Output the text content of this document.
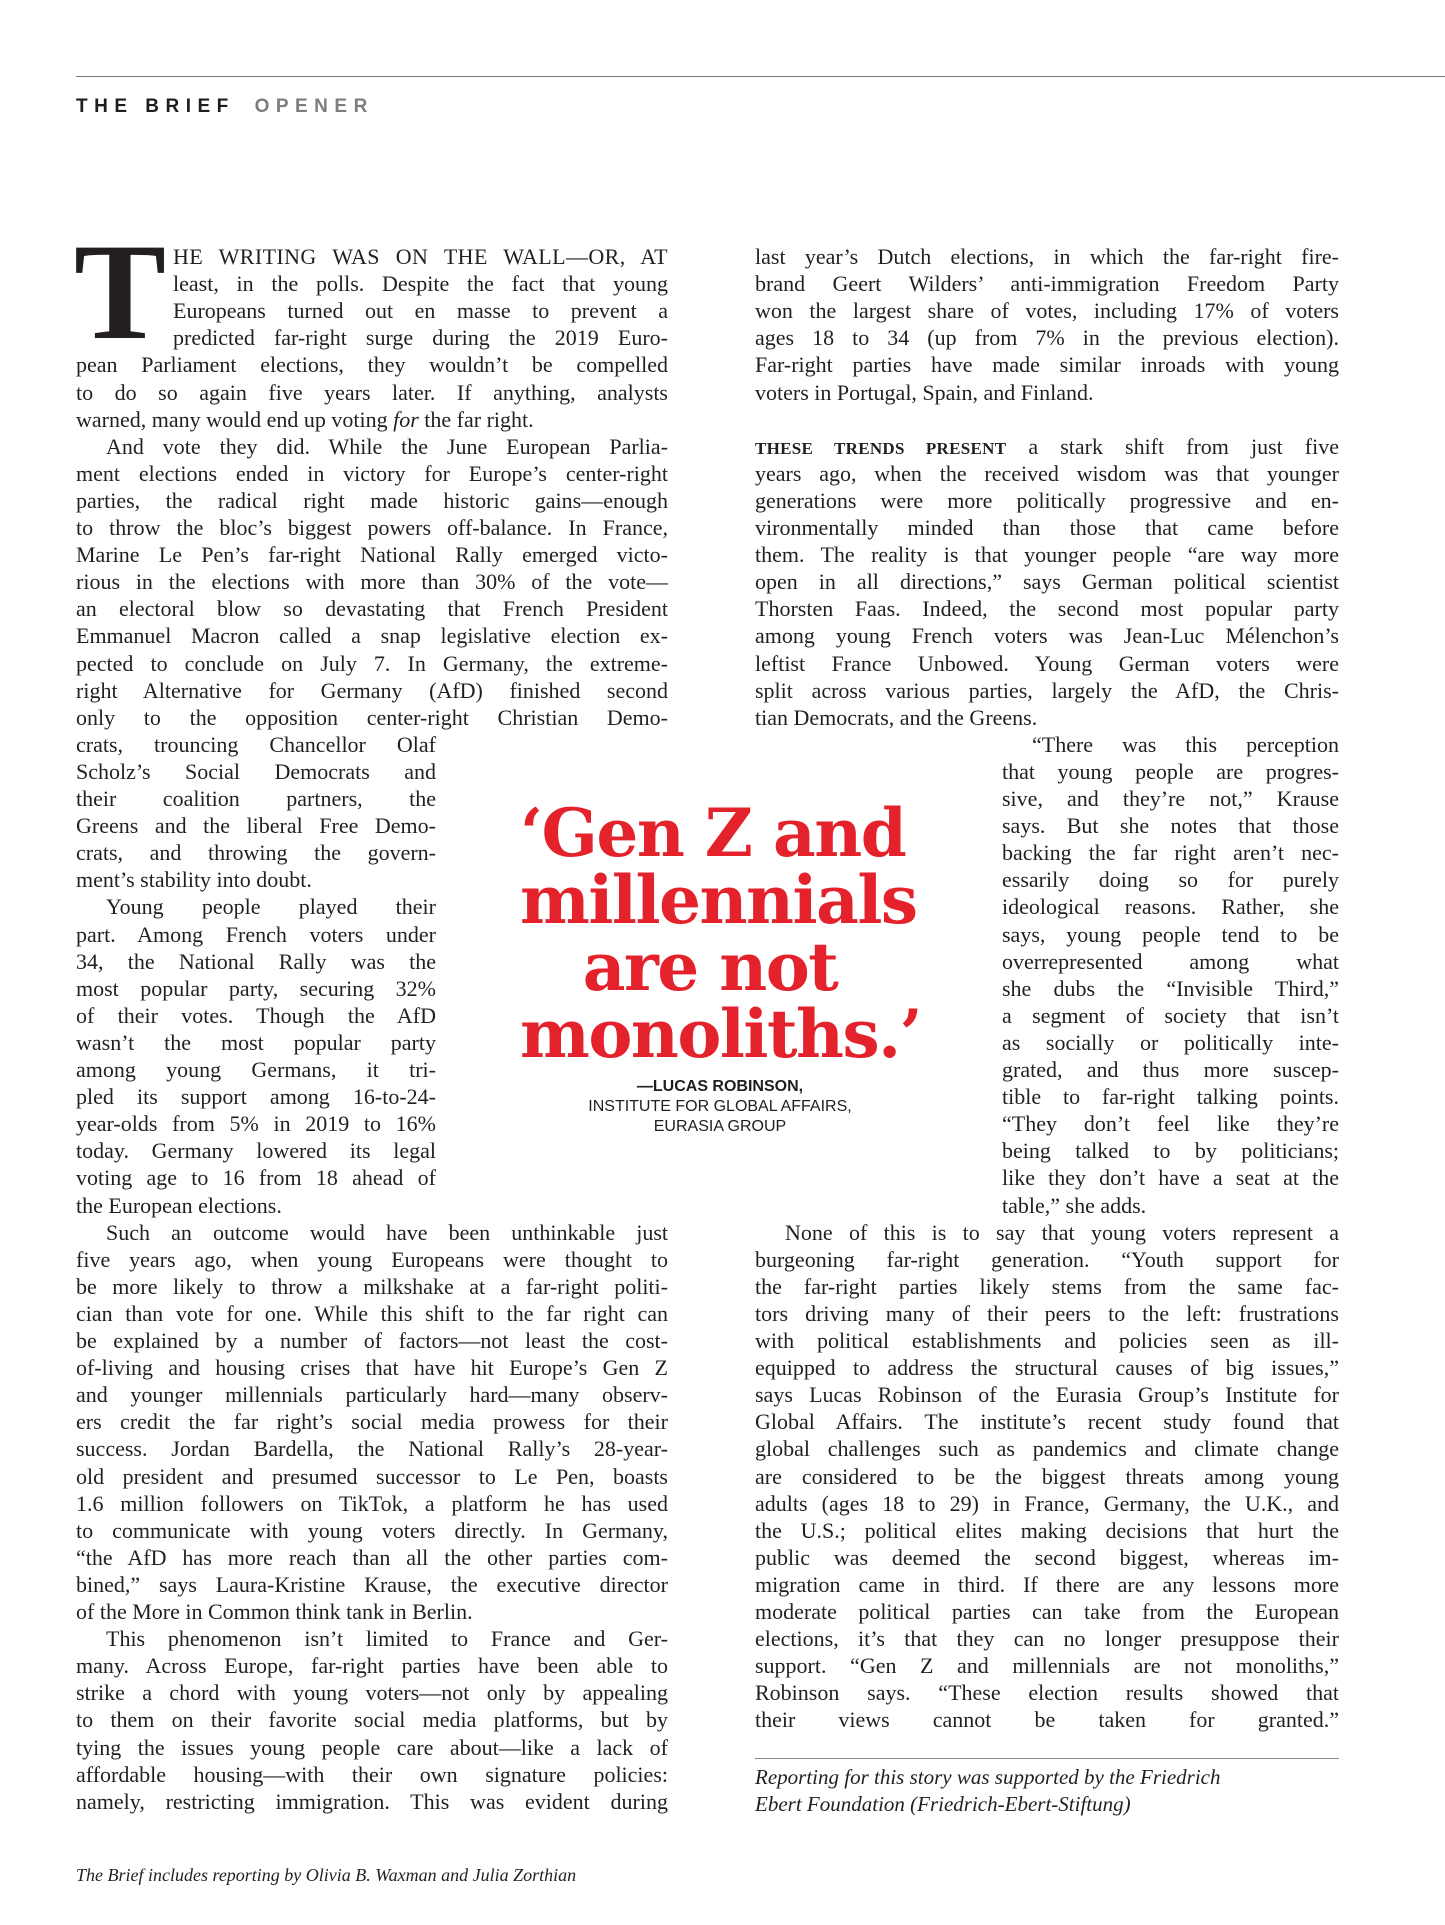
THE BRIEF OPENER
T HE WRITING WAS ON THE WALL—OR, AT
least, in the polls. Despite the fact that young
Europeans turned out en masse to prevent a
predicted far-right surge during the 2019 Euro-
pean Parliament elections, they wouldn’t be compelled
to do so again five years later. If anything, analysts
warned, many would end up voting for the far right.
And vote they did. While the June European Parlia-
ment elections ended in victory for Europe’s center-right
parties, the radical right made historic gains—enough
to throw the bloc’s biggest powers off-balance. In France,
Marine Le Pen’s far-right National Rally emerged victo-
rious in the elections with more than 30% of the vote—
an electoral blow so devastating that French President
Emmanuel Macron called a snap legislative election ex-
pected to conclude on July 7. In Germany, the extreme-
right Alternative for Germany (AfD) finished second
only to the opposition center-right Christian Demo-
crats, trouncing Chancellor Olaf
Scholz’s Social Democrats and
their coalition partners, the
Greens and the liberal Free Demo-
crats, and throwing the govern-
ment’s stability into doubt.
Young people played their
part. Among French voters under
34, the National Rally was the
most popular party, securing 32%
of their votes. Though the AfD
wasn’t the most popular party
among young Germans, it tri-
pled its support among 16-to-24-
year-olds from 5% in 2019 to 16%
today. Germany lowered its legal
voting age to 16 from 18 ahead of
the European elections.
Such an outcome would have been unthinkable just
five years ago, when young Europeans were thought to
be more likely to throw a milkshake at a far-right politi-
cian than vote for one. While this shift to the far right can
be explained by a number of factors—not least the cost-
of-living and housing crises that have hit Europe’s Gen Z
and younger millennials particularly hard—many observ-
ers credit the far right’s social media prowess for their
success. Jordan Bardella, the National Rally’s 28-year-
old president and presumed successor to Le Pen, boasts
1.6 million followers on TikTok, a platform he has used
to communicate with young voters directly. In Germany,
“the AfD has more reach than all the other parties com-
bined,” says Laura-Kristine Krause, the executive director
of the More in Common think tank in Berlin.
This phenomenon isn’t limited to France and Ger-
many. Across Europe, far-right parties have been able to
strike a chord with young voters—not only by appealing
to them on their favorite social media platforms, but by
tying the issues young people care about—like a lack of
affordable housing—with their own signature policies:
namely, restricting immigration. This was evident during
last year’s Dutch elections, in which the far-right fire-
brand Geert Wilders’ anti-immigration Freedom Party
won the largest share of votes, including 17% of voters
ages 18 to 34 (up from 7% in the previous election).
Far-right parties have made similar inroads with young
voters in Portugal, Spain, and Finland.
THESE TRENDS PRESENT a stark shift from just five
years ago, when the received wisdom was that younger
generations were more politically progressive and en-
vironmentally minded than those that came before
them. The reality is that younger people “are way more
open in all directions,” says German political scientist
Thorsten Faas. Indeed, the second most popular party
among young French voters was Jean-Luc Mélenchon’s
leftist France Unbowed. Young German voters were
split across various parties, largely the AfD, the Chris-
tian Democrats, and the Greens.
“There was this perception
that young people are progres-
sive, and they’re not,” Krause
says. But she notes that those
backing the far right aren’t nec-
essarily doing so for purely
ideological reasons. Rather, she
says, young people tend to be
overrepresented among what
she dubs the “Invisible Third,”
a segment of society that isn’t
as socially or politically inte-
grated, and thus more suscep-
tible to far-right talking points.
“They don’t feel like they’re
being talked to by politicians;
like they don’t have a seat at the
table,” she adds.
None of this is to say that young voters represent a
burgeoning far-right generation. “Youth support for
the far-right parties likely stems from the same fac-
tors driving many of their peers to the left: frustrations
with political establishments and policies seen as ill-
equipped to address the structural causes of big issues,”
says Lucas Robinson of the Eurasia Group’s Institute for
Global Affairs. The institute’s recent study found that
global challenges such as pandemics and climate change
are considered to be the biggest threats among young
adults (ages 18 to 29) in France, Germany, the U.K., and
the U.S.; political elites making decisions that hurt the
public was deemed the second biggest, whereas im-
migration came in third. If there are any lessons more
moderate political parties can take from the European
elections, it’s that they can no longer presuppose their
support. “Gen Z and millennials are not monoliths,”
Robinson says. “These election results showed that
their views cannot be taken for granted.”
‘Gen Z and
millennials
are not
monoliths.’
—LUCAS ROBINSON,
INSTITUTE FOR GLOBAL AFFAIRS,
EURASIA GROUP
Reporting for this story was supported by the Friedrich
Ebert Foundation (Friedrich-Ebert-Stiftung)
The Brief includes reporting by Olivia B. Waxman and Julia Zorthian
